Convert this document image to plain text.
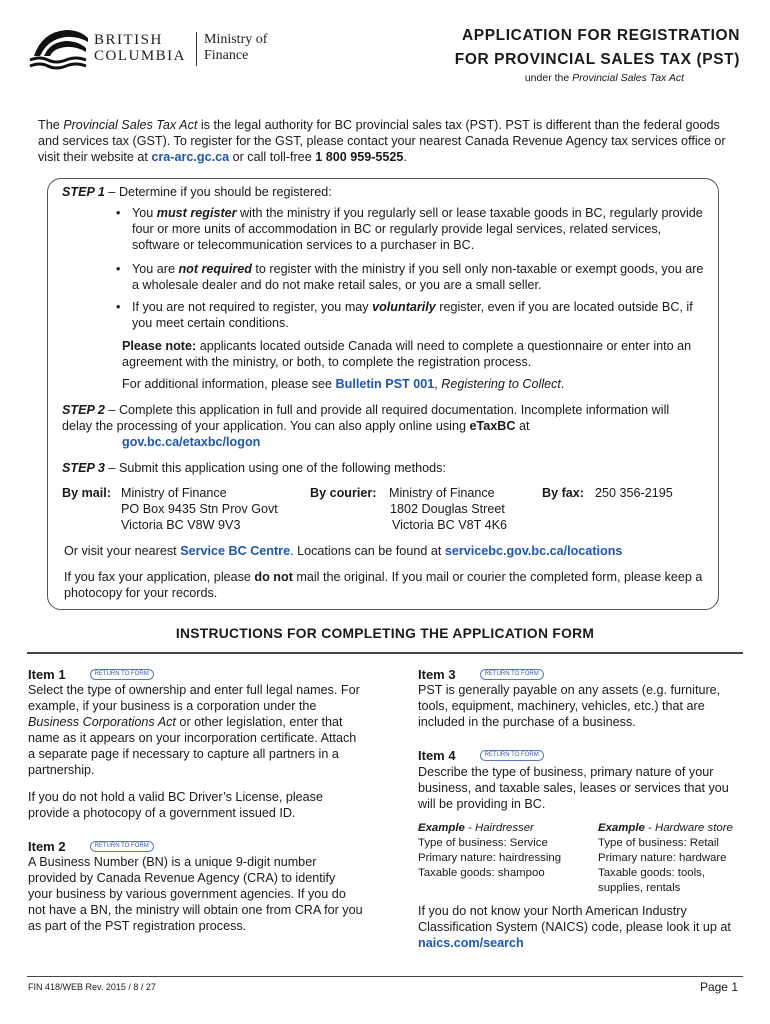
BRITISH
COLUMBIA
Ministry of
Finance
APPLICATION FOR REGISTRATION
FOR PROVINCIAL SALES TAX (PST)
under the Provincial Sales Tax Act
The Provincial Sales Tax Act is the legal authority for BC provincial sales tax (PST). PST is different than the federal goods and services tax (GST). To register for the GST, please contact your nearest Canada Revenue Agency tax services office or visit their website at cra-arc.gc.ca or call toll-free 1 800 959-5525.
STEP 1 – Determine if you should be registered:
• You must register with the ministry if you regularly sell or lease taxable goods in BC, regularly provide four or more units of accommodation in BC or regularly provide legal services, related services, software or telecommunication services to a purchaser in BC.
• You are not required to register with the ministry if you sell only non-taxable or exempt goods, you are a wholesale dealer and do not make retail sales, or you are a small seller.
• If you are not required to register, you may voluntarily register, even if you are located outside BC, if you meet certain conditions.
Please note: applicants located outside Canada will need to complete a questionnaire or enter into an agreement with the ministry, or both, to complete the registration process.
For additional information, please see Bulletin PST 001, Registering to Collect.
STEP 2 – Complete this application in full and provide all required documentation. Incomplete information will delay the processing of your application. You can also apply online using eTaxBC at
gov.bc.ca/etaxbc/logon
STEP 3 – Submit this application using one of the following methods:
By mail: Ministry of Finance
PO Box 9435 Stn Prov Govt
Victoria BC V8W 9V3
By courier: Ministry of Finance
1802 Douglas Street
Victoria BC V8T 4K6
By fax: 250 356-2195
Or visit your nearest Service BC Centre. Locations can be found at servicebc.gov.bc.ca/locations
If you fax your application, please do not mail the original. If you mail or courier the completed form, please keep a photocopy for your records.
INSTRUCTIONS FOR COMPLETING THE APPLICATION FORM
Item 1	RETURN TO FORM
Select the type of ownership and enter full legal names. For example, if your business is a corporation under the Business Corporations Act or other legislation, enter that name as it appears on your incorporation certificate. Attach a separate page if necessary to capture all partners in a partnership.
If you do not hold a valid BC Driver’s License, please provide a photocopy of a government issued ID.
Item 2	RETURN TO FORM
A Business Number (BN) is a unique 9-digit number provided by Canada Revenue Agency (CRA) to identify your business by various government agencies. If you do not have a BN, the ministry will obtain one from CRA for you as part of the PST registration process.
Item 3	RETURN TO FORM
PST is generally payable on any assets (e.g. furniture, tools, equipment, machinery, vehicles, etc.) that are included in the purchase of a business.
Item 4	RETURN TO FORM
Describe the type of business, primary nature of your business, and taxable sales, leases or services that you will be providing in BC.
Example - Hairdresser
Type of business: Service
Primary nature: hairdressing
Taxable goods: shampoo
Example - Hardware store
Type of business: Retail
Primary nature: hardware
Taxable goods: tools,
supplies, rentals
If you do not know your North American Industry Classification System (NAICS) code, please look it up at naics.com/search
FIN 418/WEB Rev. 2015 / 8 / 27	Page 1
